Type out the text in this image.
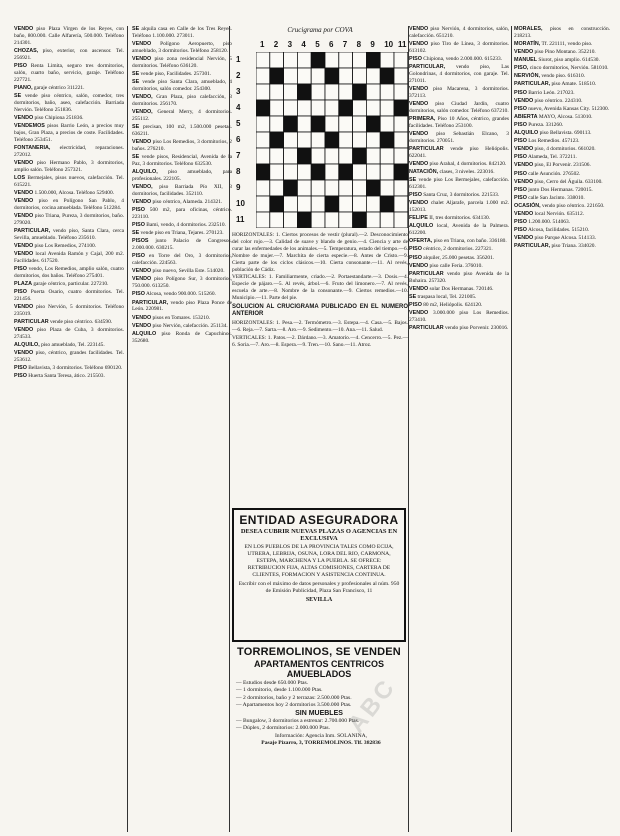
VENDO piso Plaza Virgen de los Reyes, con baño, 800.000. Calle Alfarería, 500.000. Teléfono 214301.

CHOZAS, piso, exterior, con ascensor. Tel. 256921.

PISO Renta Limita, seguro tres dormitorios, salón, cuarto baño, servicio, garaje. Teléfono 227721.

PIANO, garaje céntrico 311221.

SE vende piso céntrico, salón, comedor, tres dormitorios, baño, aseo, calefacción. Barriada Nervión. Teléfono 251836.

VENDO piso Chipiona 251836.

VENDEMOS pisos Barrio León, a precios muy bajos, Gran Plaza, a precios de coste. Facilidades. Teléfono 253451.

FONTANERIA, electricidad, reparaciones. 272012.

VENDO piso Hermano Pablo, 3 dormitorios, amplio salón. Teléfono 257321.

LOS Bermejales, pisos nuevos, calefacción. Tel. 615221.

VENDO 1.500.000, Alcosa. Teléfono 529400.

VENDO piso en Polígono San Pablo, 4 dormitorios, cocina amueblada. Teléfono 512284.

VENDO piso Triana, Pureza, 3 dormitorios, baño. 279020.

PARTICULAR, vendo piso, Santa Clara, cerca Sevilla, amueblado. Teléfono 235610.

VENDO piso Los Remedios, 274100.

VENDO local Avenida Ramón y Cajal, 200 m2. Facilidades. 617520.

PISO vendo, Los Remedios, amplio salón, cuatro dormitorios, dos baños. Teléfono 275401.

PLAZA garaje céntrico, particular. 227210.

PISO Puerta Osario, cuatro dormitorios. Tel. 221456.

VENDO piso Nervión, 5 dormitorios. Teléfono 235019.

PARTICULAR vende piso céntrico. 634590.

VENDO piso Plaza de Cuba, 3 dormitorios. 274533.

ALQUILO, piso amueblado, Tel. 223145.

VENDO piso, céntrico, grandes facilidades. Tel. 253612.

PISO Bellavista, 3 dormitorios. Teléfono 690120.

PISO Huerta Santa Teresa, ático. 215503.

SE alquila casa en Calle de los Tres Reyes. Teléfono 1.100.000. 273011.

VENDO Polígono Aeropuerto, piso amueblado, 3 dormitorios. Teléfono 258120.

VENDO piso zona residencial Nervión, 5 dormitorios. Teléfono 636120.

SE vende piso, Facilidades. 257301.

SE vende piso Santa Clara, amueblado, 4 dormitorios, salón comedor. 254300.

VENDO, Gran Plaza, piso calefacción, 3 dormitorios. 256170.

VENDO, General Merry, 4 dormitorios. 255112.

SE precisan, 100 m2, 1.500.000 pesetas. 636211.

VENDO piso Los Remedios, 3 dormitorios, 2 baños. 276210.

SE vende pisos, Residencial, Avenida de la Paz, 3 dormitorios. Teléfono 632530.

ALQUILO, piso amueblado, para profesionales. 222105.

VENDO, piso Barriada Pío XII, 3 dormitorios, facilidades. 352110.

VENDO piso céntrico, Alameda. 214321.

PISO 500 m2, para oficinas, céntrico. 223110.

PISO Bami, vendo, 4 dormitorios. 232510.

SE vende piso en Triana, Tejares. 270123.

PISOS junto Palacio de Congresos, 2.000.000. 630215.

PISO en Torre del Oro, 3 dormitorios, calefacción. 224563.

VENDO piso nuevo, Sevilla Este. 514020.

VENDO piso Polígono Sur, 3 dormitorios, 750.000. 613250.

PISO Alcosa, vendo 900.000. 515260.

PARTICULAR, vendo piso Plaza Ponce de León. 220981.

VENDO pisos en Tomares. 153210.

VENDO piso Nervión, calefacción. 251134.

ALQUILO piso Ronda de Capuchinos. 352680.

Crucigrama por COVA
1 2 3 4 5 6 7 8 9 10 11
1
2
3
4
5
6
7
8
9
10
11

HORIZONTALES: 1. Ciertos procesos de vestir (plural).—2. Desconocimiento del color rojo.—3. Calidad de suave y blando de genio.—4. Ciencia y arte de curar las enfermedades de los animales.—5. Temperatura, estado del tiempo.—6. Nombre de mujer.—7. Marchita de cierta especie.—8. Antes de Cristo.—9. Cierta parte de los ciclos clásicos.—10. Cierta consonante.—11. Al revés, población de Cádiz.

VERTICALES: 1. Familiarmente, criado.—2. Portaestandarte.—3. Dosis.—4. Especie de pájaro.—5. Al revés, árbol.—6. Fruto del limonero.—7. Al revés, escuela de arte.—8. Nombre de la consonante.—9. Ciertos remedios.—10. Municipio.—11. Parte del pie.

SOLUCION AL CRUCIGRAMA PUBLICADO EN EL NUMERO ANTERIOR

HORIZONTALES: 1. Pesa.—2. Termómetro.—3. Estepa.—4. Casa.—5. Bajos.—6. Reja.—7. Sarta.—8. Aro.—9. Sedimento.—10. Ana.—11. Salud.

VERTICALES: 1. Patos.—2. Dárdano.—3. Amatorio.—4. Cencerro.—5. Pez.—6. Soria.—7. Aro.—8. Espera.—9. Tren.—10. Sano.—11. Atroz.

ENTIDAD ASEGURADORA
DESEA CUBRIR NUEVAS PLAZAS O AGENCIAS EN EXCLUSIVA
EN LOS PUEBLOS DE LA PROVINCIA TALES COMO ECIJA, UTRERA, LEBRIJA, OSUNA, LORA DEL RIO, CARMONA, ESTEPA, MARCHENA Y LA PUEBLA. SE OFRECE: RETRIBUCION FIJA, ALTAS COMISIONES, CARTERA DE CLIENTES, FORMACION Y ASISTENCIA CONTINUA.
Escribir con el máximo de datos personales y profesionales al núm. 950 de Emisión Publicidad, Plaza San Francisco, 11
SEVILLA
TORREMOLINOS, SE VENDEN
APARTAMENTOS CENTRICOS AMUEBLADOS
— Estudios desde 650.000 Ptas.
— 1 dormitorio, desde 1.100.000 Ptas.
— 2 dormitorios, baño y 2 terrazas: 2.500.000 Ptas.
— Apartamentos hoy 2 dormitorios 3.500.000 Ptas.
SIN MUEBLES
— Bungalow, 3 dormitorios a estrenar: 2.700.000 Ptas.
— Dúplex, 2 dormitorios: 2.000.000 Ptas.
Información: Agencia Inm. SOLANINA,
Pasaje Pizarro, 3, TORREMOLINOS. Tlf. 382836
ABC

VENDO piso Nervión, 4 dormitorios, salón, calefacción. 651210.

VENDO piso Tiro de Línea, 3 dormitorios. 613102.

PISO Chipiona, vendo 2.000.000. 615233.

PARTICULAR, vendo piso, Las Golondrinas, 4 dormitorios, con garaje. Tel. 271011.

VENDO piso Macarena, 3 dormitorios. 372113.

VENDO piso Ciudad Jardín, cuatro dormitorios, salón comedor. Teléfono 637210.

PRIMERA, Piso 10 Años, céntrico, grandes facilidades. Teléfono 253100.

VENDO piso Sebastián Elcano, 3 dormitorios. 270051.

PARTICULAR vende piso Heliópolis. 622041.

VENDO piso Arahal, 4 dormitorios. 842120.

NATACIÓN, clases, 3 niveles. 223016.

SE vende piso Los Bermejales, calefacción. 612301.

PISO Santa Cruz, 3 dormitorios. 221533.

VENDO chalet Aljarafe, parcela 1.000 m2. 152013.

FELIPE II, tres dormitorios. 634130.

ALQUILO local, Avenida de la Palmera. 612200.

OFERTA, piso en Triana, con baño. 336180.

PISO céntrico, 2 dormitorios. 227321.

PISO alquiler, 25.000 pesetas. 356201.

VENDO piso calle Feria. 376010.

PARTICULAR vendo piso Avenida de la Buhaira. 257320.

VENDO solar Dos Hermanas. 720146.

SE traspasa local, Tel. 221005.

PISO 80 m2, Heliópolis. 624120.

VENDO 3.000.000 piso Los Remedios. 273410.

PARTICULAR vendo piso Porvenir. 230016.

MORALES, pisos en construcción. 218213.

MORATÍN, Tf. 221111, vendo piso.

VENDO piso Pino Montano. 352210.

MANUEL Siurot, piso amplio. 614530.

PISO, cinco dormitorios, Nervión. 581010.

NERVIÓN, vendo piso. 616310.

PARTICULAR, piso Amate. 518510.

PISO Barrio León. 217023.

VENDO piso céntrico. 224310.

PISO nuevo, Avenida Kansas City. 512300.

ABIERTA MAYO, Alcosa. 513010.

PISO Pureza. 331260.

ALQUILO piso Bellavista. 690113.

PISO Los Remedios. 457123.

VENDO piso, 4 dormitorios. 661020.

PISO Alameda, Tel. 372211.

VENDO piso, El Porvenir. 231506.

PISO calle Asunción. 276502.

VENDO piso, Cerro del Águila. 633100.

PISO junto Dos Hermanas. 720015.

PISO calle San Jacinto. 338010.

OCASIÓN, vendo piso céntrico. 221650.

VENDO local Nervión. 635112.

PISO 1.200.000. 514063.

PISO Alcosa, facilidades. 515210.

VENDO piso Parque Alcosa. 514133.

PARTICULAR, piso Triana. 334020.
